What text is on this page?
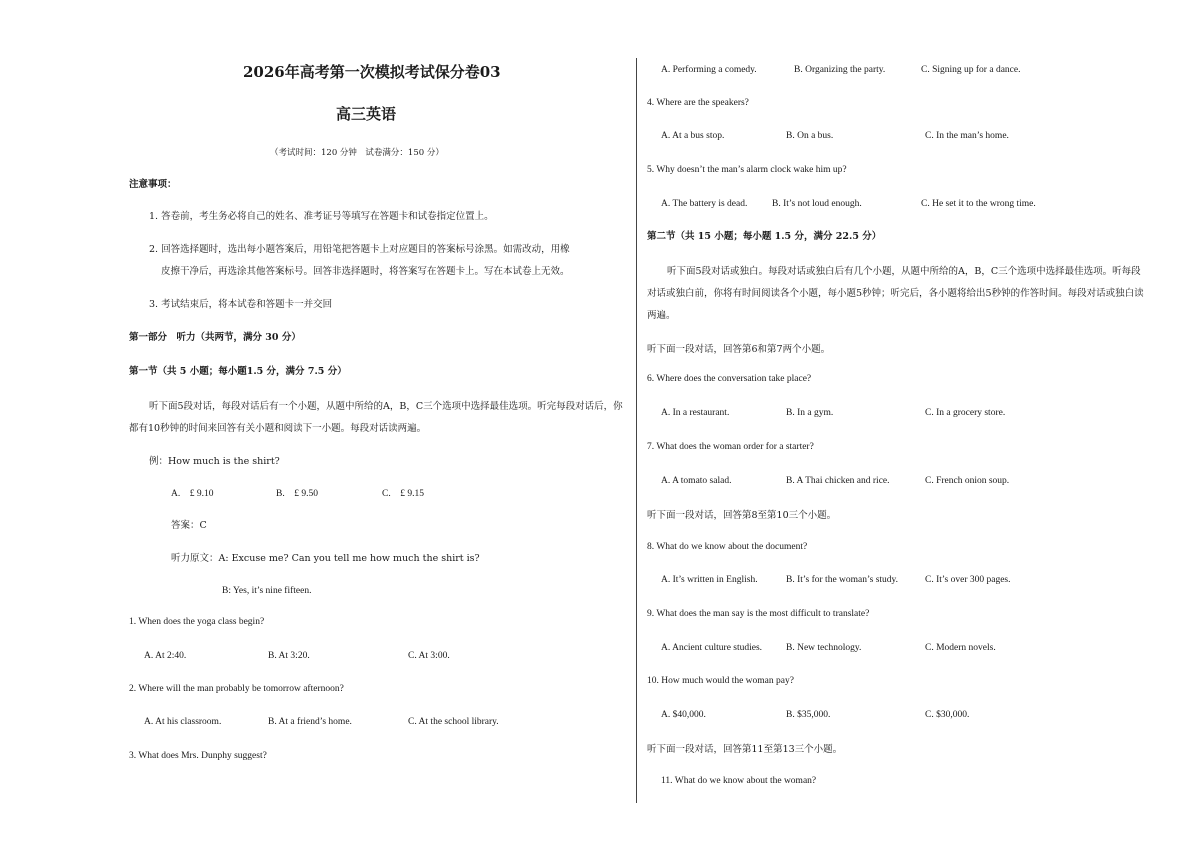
2026年高考第一次模拟考试保分卷03
高三英语
（考试时间：120 分钟　试卷满分：150 分）
注意事项：
1. 答卷前，考生务必将自己的姓名、准考证号等填写在答题卡和试卷指定位置上。
2. 回答选择题时，选出每小题答案后，用铅笔把答题卡上对应题目的答案标号涂黑。如需改动，用橡
皮擦干净后，再选涂其他答案标号。回答非选择题时，将答案写在答题卡上。写在本试卷上无效。
3. 考试结束后，将本试卷和答题卡一并交回
第一部分　听力（共两节，满分 30 分）
第一节（共 5 小题；每小题1.5 分，满分 7.5 分）
听下面5段对话，每段对话后有一个小题，从题中所给的A，B，C三个选项中选择最佳选项。听完每段对话后，你都有10秒钟的时间来回答有关小题和阅读下一小题。每段对话读两遍。
例：How much is the shirt?
A.　£ 9.10	B.　£ 9.50	C.　£ 9.15
答案：C
听力原文：A: Excuse me? Can you tell me how much the shirt is?
B: Yes, it’s nine fifteen.
1. When does the yoga class begin?
A. At 2:40.	B. At 3:20.	C. At 3:00.
2. Where will the man probably be tomorrow afternoon?
A. At his classroom.	B. At a friend’s home.	C. At the school library.
3. What does Mrs. Dunphy suggest?
A. Performing a comedy.	B. Organizing the party.	C. Signing up for a dance.
4. Where are the speakers?
A. At a bus stop.	B. On a bus.	C. In the man’s home.
5. Why doesn’t the man’s alarm clock wake him up?
A. The battery is dead.	B. It’s not loud enough.	C. He set it to the wrong time.
第二节（共 15 小题；每小题 1.5 分，满分 22.5 分）
听下面5段对话或独白。每段对话或独白后有几个小题，从题中所给的A，B，C三个选项中选择最佳选项。听每段对话或独白前，你将有时间阅读各个小题，每小题5秒钟；听完后，各小题将给出5秒钟的作答时间。每段对话或独白读两遍。
听下面一段对话，回答第6和第7两个小题。
6. Where does the conversation take place?
A. In a restaurant.	B. In a gym.	C. In a grocery store.
7. What does the woman order for a starter?
A. A tomato salad.	B. A Thai chicken and rice.	C. French onion soup.
听下面一段对话，回答第8至第10三个小题。
8. What do we know about the document?
A. It’s written in English.	B. It’s for the woman’s study.	C. It’s over 300 pages.
9. What does the man say is the most difficult to translate?
A. Ancient culture studies.	B. New technology.	C. Modern novels.
10. How much would the woman pay?
A. $40,000.	B. $35,000.	C. $30,000.
听下面一段对话，回答第11至第13三个小题。
11. What do we know about the woman?
